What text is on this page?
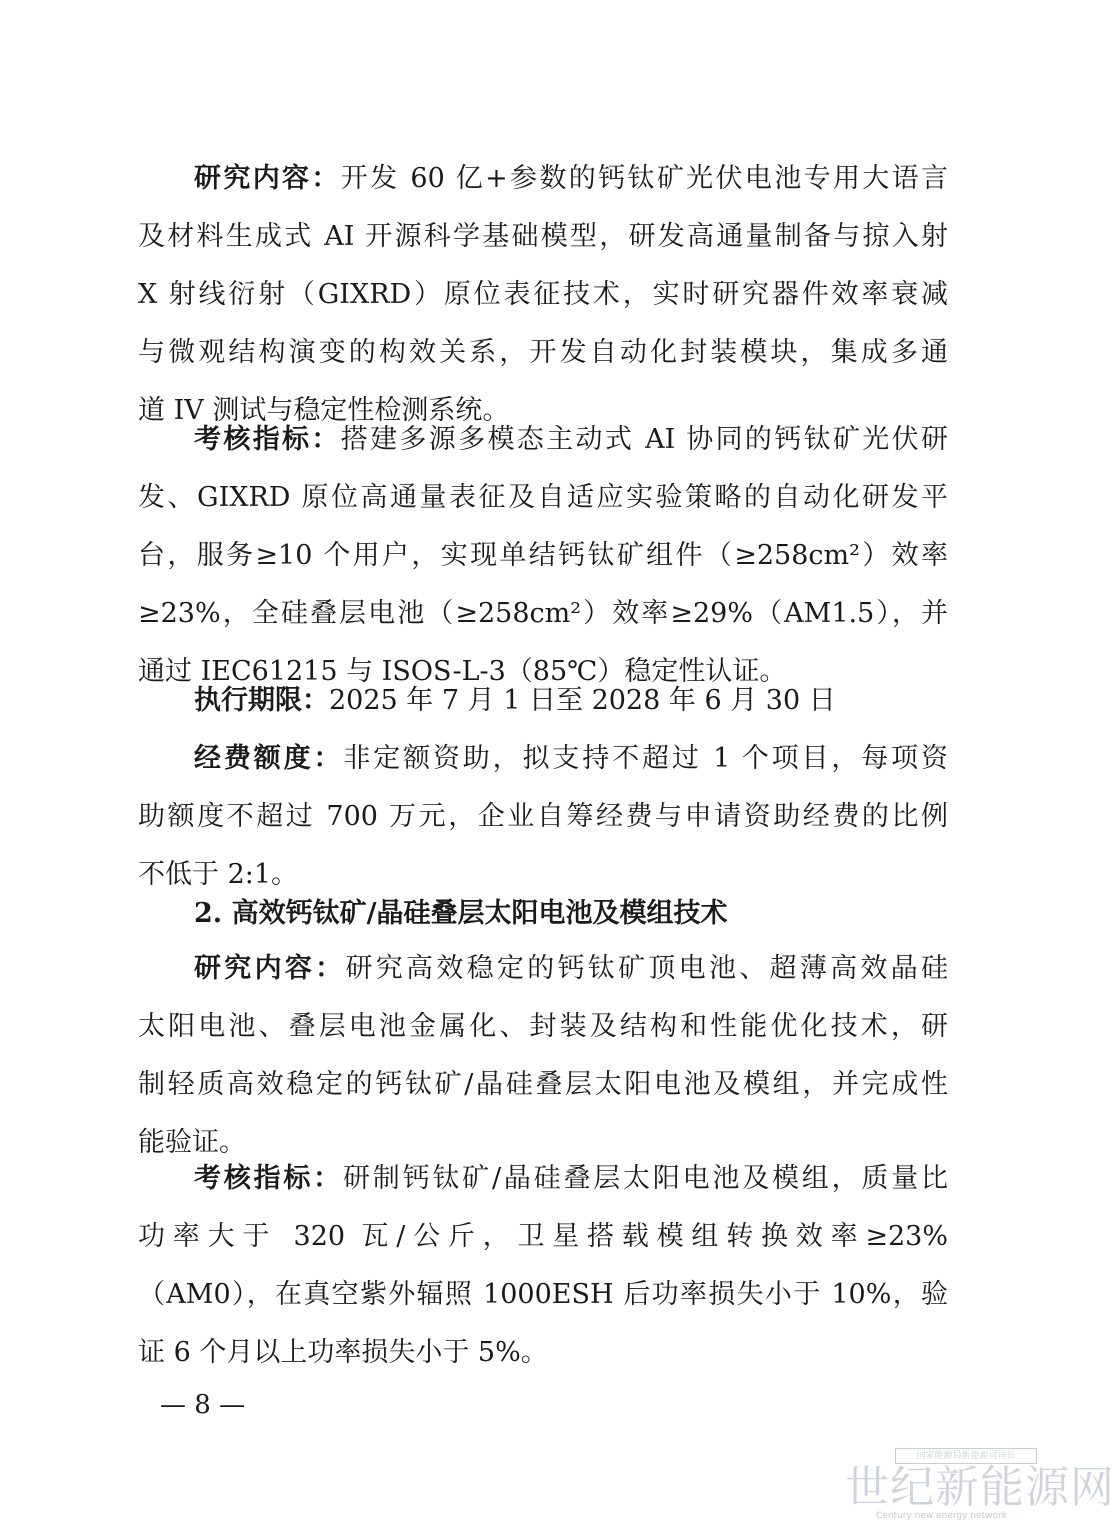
研究内容：开发 60 亿+参数的钙钛矿光伏电池专用大语言
及材料生成式 AI 开源科学基础模型，研发高通量制备与掠入射
X 射线衍射（GIXRD）原位表征技术，实时研究器件效率衰减
与微观结构演变的构效关系，开发自动化封装模块，集成多通
道 IV 测试与稳定性检测系统。
考核指标：搭建多源多模态主动式 AI 协同的钙钛矿光伏研
发、GIXRD 原位高通量表征及自适应实验策略的自动化研发平
台，服务≥10 个用户，实现单结钙钛矿组件（≥258cm²）效率
≥23%，全硅叠层电池（≥258cm²）效率≥29%（AM1.5），并
通过 IEC61215 与 ISOS-L-3（85℃）稳定性认证。
执行期限：2025 年 7 月 1 日至 2028 年 6 月 30 日
经费额度：非定额资助，拟支持不超过 1 个项目，每项资
助额度不超过 700 万元，企业自筹经费与申请资助经费的比例
不低于 2:1。
2. 高效钙钛矿/晶硅叠层太阳电池及模组技术
研究内容：研究高效稳定的钙钛矿顶电池、超薄高效晶硅
太阳电池、叠层电池金属化、封装及结构和性能优化技术，研
制轻质高效稳定的钙钛矿/晶硅叠层太阳电池及模组，并完成性
能验证。
考核指标：研制钙钛矿/晶硅叠层太阳电池及模组，质量比
功率大于 320 瓦/公斤，卫星搭载模组转换效率≥23%
（AM0），在真空紫外辐照 1000ESH 后功率损失小于 10%，验
证 6 个月以上功率损失小于 5%。
— 8 —
国家能源局新能源司司长
世纪新能源网
Century new energy network
